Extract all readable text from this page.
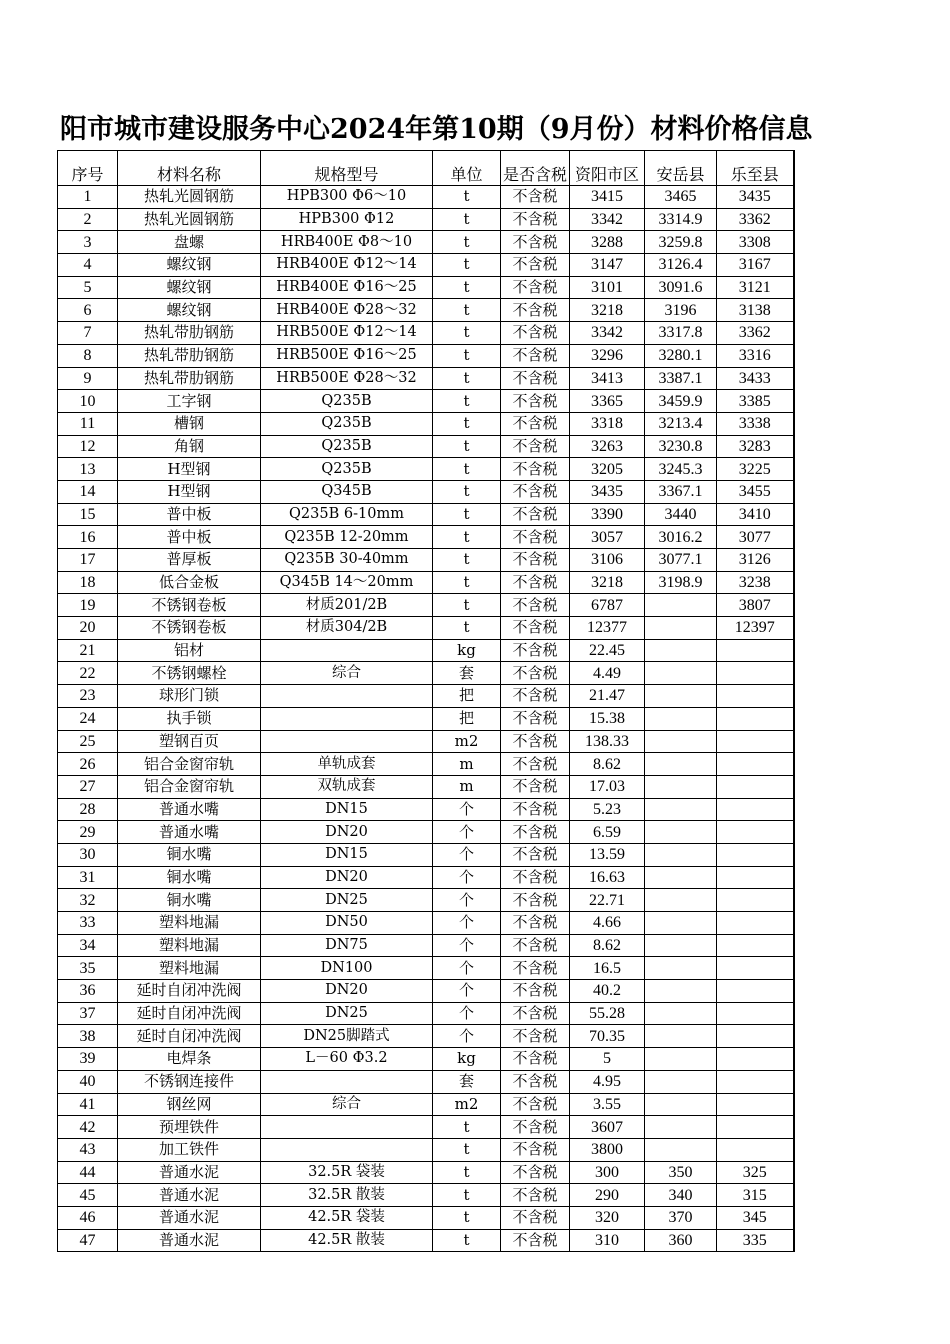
阳市城市建设服务中心2024年第10期（9月份）材料价格信息
序号	材料名称	规格型号	单位	是否含税	资阳市区	安岳县	乐至县
1	热轧光圆钢筋	HPB300 Φ6～10	t	不含税	3415	3465	3435
2	热轧光圆钢筋	HPB300 Φ12	t	不含税	3342	3314.9	3362
3	盘螺	HRB400E Φ8～10	t	不含税	3288	3259.8	3308
4	螺纹钢	HRB400E Φ12～14	t	不含税	3147	3126.4	3167
5	螺纹钢	HRB400E Φ16～25	t	不含税	3101	3091.6	3121
6	螺纹钢	HRB400E Φ28～32	t	不含税	3218	3196	3138
7	热轧带肋钢筋	HRB500E Φ12～14	t	不含税	3342	3317.8	3362
8	热轧带肋钢筋	HRB500E Φ16～25	t	不含税	3296	3280.1	3316
9	热轧带肋钢筋	HRB500E Φ28～32	t	不含税	3413	3387.1	3433
10	工字钢	Q235B	t	不含税	3365	3459.9	3385
11	槽钢	Q235B	t	不含税	3318	3213.4	3338
12	角钢	Q235B	t	不含税	3263	3230.8	3283
13	H型钢	Q235B	t	不含税	3205	3245.3	3225
14	H型钢	Q345B	t	不含税	3435	3367.1	3455
15	普中板	Q235B 6-10mm	t	不含税	3390	3440	3410
16	普中板	Q235B 12-20mm	t	不含税	3057	3016.2	3077
17	普厚板	Q235B 30-40mm	t	不含税	3106	3077.1	3126
18	低合金板	Q345B 14～20mm	t	不含税	3218	3198.9	3238
19	不锈钢卷板	材质201/2B	t	不含税	6787		3807
20	不锈钢卷板	材质304/2B	t	不含税	12377		12397
21	铝材		kg	不含税	22.45		
22	不锈钢螺栓	综合	套	不含税	4.49		
23	球形门锁		把	不含税	21.47		
24	执手锁		把	不含税	15.38		
25	塑钢百页		m2	不含税	138.33		
26	铝合金窗帘轨	单轨成套	m	不含税	8.62		
27	铝合金窗帘轨	双轨成套	m	不含税	17.03		
28	普通水嘴	DN15	个	不含税	5.23		
29	普通水嘴	DN20	个	不含税	6.59		
30	铜水嘴	DN15	个	不含税	13.59		
31	铜水嘴	DN20	个	不含税	16.63		
32	铜水嘴	DN25	个	不含税	22.71		
33	塑料地漏	DN50	个	不含税	4.66		
34	塑料地漏	DN75	个	不含税	8.62		
35	塑料地漏	DN100	个	不含税	16.5		
36	延时自闭冲洗阀	DN20	个	不含税	40.2		
37	延时自闭冲洗阀	DN25	个	不含税	55.28		
38	延时自闭冲洗阀	DN25脚踏式	个	不含税	70.35		
39	电焊条	L－60 Φ3.2	kg	不含税	5		
40	不锈钢连接件		套	不含税	4.95		
41	钢丝网	综合	m2	不含税	3.55		
42	预埋铁件		t	不含税	3607		
43	加工铁件		t	不含税	3800		
44	普通水泥	32.5R 袋装	t	不含税	300	350	325
45	普通水泥	32.5R 散装	t	不含税	290	340	315
46	普通水泥	42.5R 袋装	t	不含税	320	370	345
47	普通水泥	42.5R 散装	t	不含税	310	360	335
